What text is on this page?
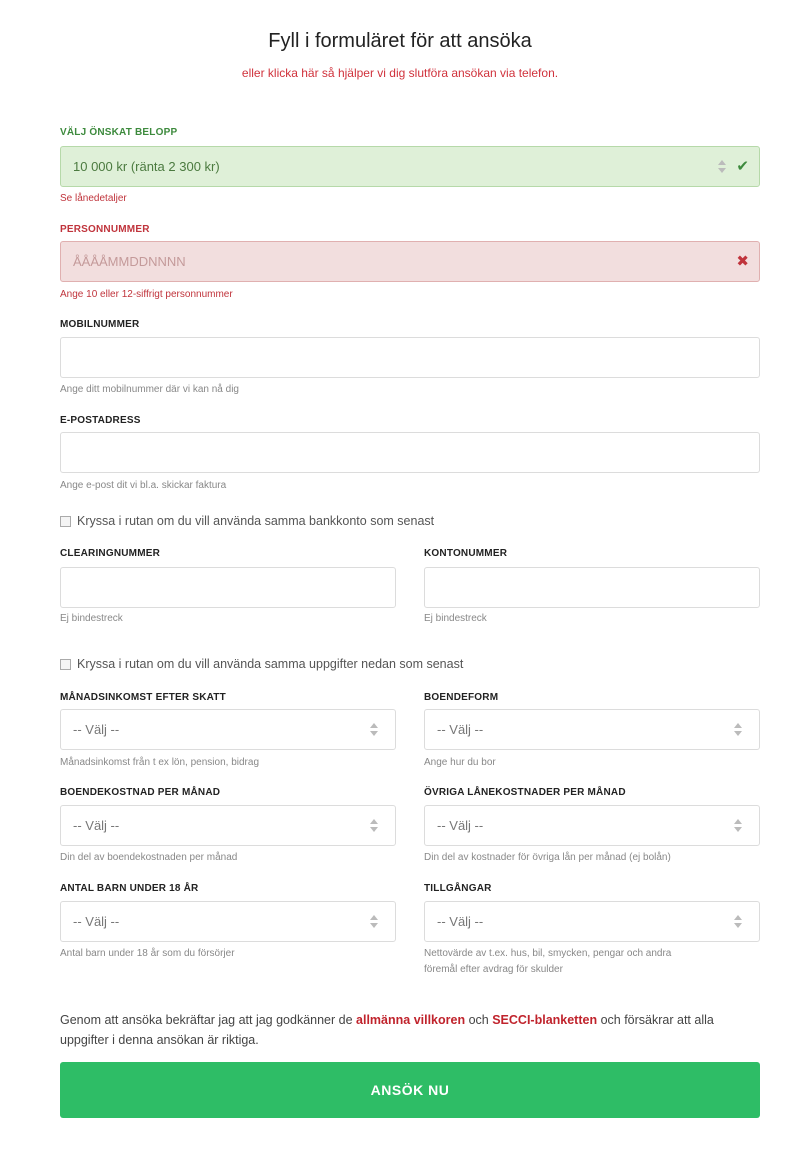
Fyll i formuläret för att ansöka
eller klicka här så hjälper vi dig slutföra ansökan via telefon.
VÄLJ ÖNSKAT BELOPP
10 000 kr (ränta 2 300 kr)	✔
Se lånedetaljer
PERSONNUMMER
ÅÅÅÅMMDDNNNN
✖
Ange 10 eller 12-siffrigt personnummer
MOBILNUMMER
Ange ditt mobilnummer där vi kan nå dig
E-POSTADRESS
Ange e-post dit vi bl.a. skickar faktura
Kryssa i rutan om du vill använda samma bankkonto som senast
CLEARINGNUMMER
Ej bindestreck
KONTONUMMER
Ej bindestreck
Kryssa i rutan om du vill använda samma uppgifter nedan som senast
MÅNADSINKOMST EFTER SKATT
-- Välj --
Månadsinkomst från t ex lön, pension, bidrag
BOENDEFORM
-- Välj --
Ange hur du bor
BOENDEKOSTNAD PER MÅNAD
-- Välj --
Din del av boendekostnaden per månad
ÖVRIGA LÅNEKOSTNADER PER MÅNAD
-- Välj --
Din del av kostnader för övriga lån per månad (ej bolån)
ANTAL BARN UNDER 18 ÅR
-- Välj --
Antal barn under 18 år som du försörjer
TILLGÅNGAR
-- Välj --
Nettovärde av t.ex. hus, bil, smycken, pengar och andra
föremål efter avdrag för skulder
Genom att ansöka bekräftar jag att jag godkänner de allmänna villkoren och SECCI-blanketten och försäkrar att alla uppgifter i denna ansökan är riktiga.
ANSÖK NU
